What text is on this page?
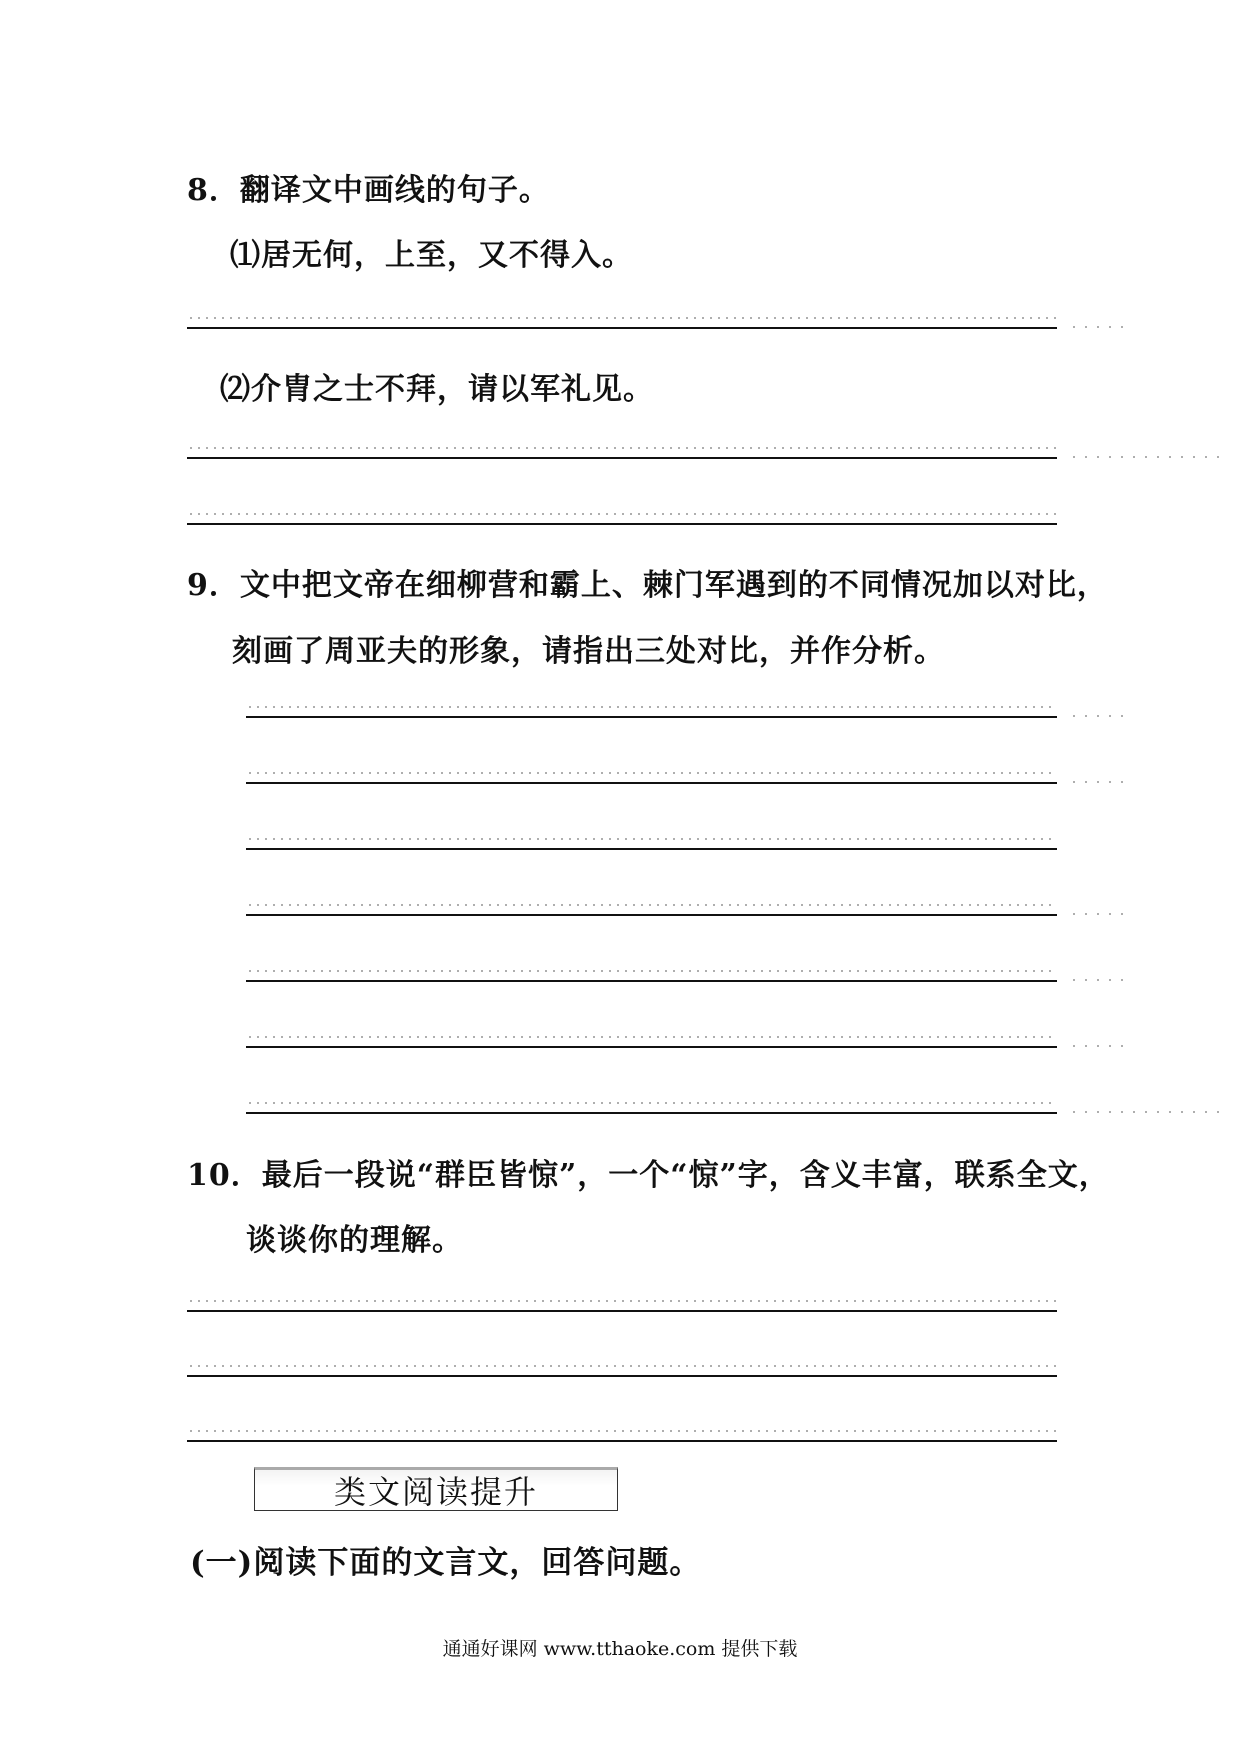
8．翻译文中画线的句子。
⑴居无何，上至，又不得入。
⑵介胄之士不拜，请以军礼见。
9．文中把文帝在细柳营和霸上、棘门军遇到的不同情况加以对比，
刻画了周亚夫的形象，请指出三处对比，并作分析。
10．最后一段说“群臣皆惊”，一个“惊”字，含义丰富，联系全文，
谈谈你的理解。
类文阅读提升
(一)阅读下面的文言文，回答问题。
通通好课网 www.tthaoke.com 提供下载
